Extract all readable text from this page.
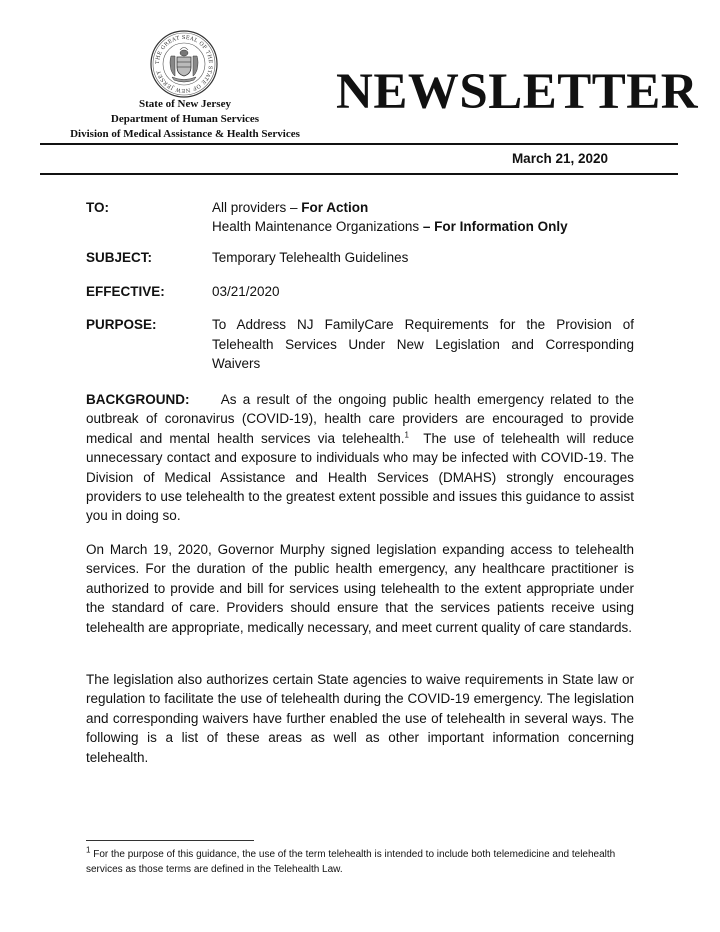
THE GREAT SEAL OF THE STATE OF NEW JERSEY
State of New Jersey
Department of Human Services
Division of Medical Assistance & Health Services
NEWSLETTER
March 21, 2020
TO:	All providers – For Action
Health Maintenance Organizations – For Information Only
SUBJECT:	Temporary Telehealth Guidelines
EFFECTIVE:	03/21/2020
PURPOSE:	To Address NJ FamilyCare Requirements for the Provision of Telehealth Services Under New Legislation and Corresponding Waivers

BACKGROUND: As a result of the ongoing public health emergency related to the outbreak of coronavirus (COVID-19), health care providers are encouraged to provide medical and mental health services via telehealth.$^1$ The use of telehealth will reduce unnecessary contact and exposure to individuals who may be infected with COVID-19. The Division of Medical Assistance and Health Services (DMAHS) strongly encourages providers to use telehealth to the greatest extent possible and issues this guidance to assist you in doing so.

On March 19, 2020, Governor Murphy signed legislation expanding access to telehealth services. For the duration of the public health emergency, any healthcare practitioner is authorized to provide and bill for services using telehealth to the extent appropriate under the standard of care. Providers should ensure that the services patients receive using telehealth are appropriate, medically necessary, and meet current quality of care standards.

The legislation also authorizes certain State agencies to waive requirements in State law or regulation to facilitate the use of telehealth during the COVID-19 emergency. The legislation and corresponding waivers have further enabled the use of telehealth in several ways. The following is a list of these areas as well as other important information concerning telehealth.

$^1$ For the purpose of this guidance, the use of the term telehealth is intended to include both telemedicine and telehealth services as those terms are defined in the Telehealth Law.
